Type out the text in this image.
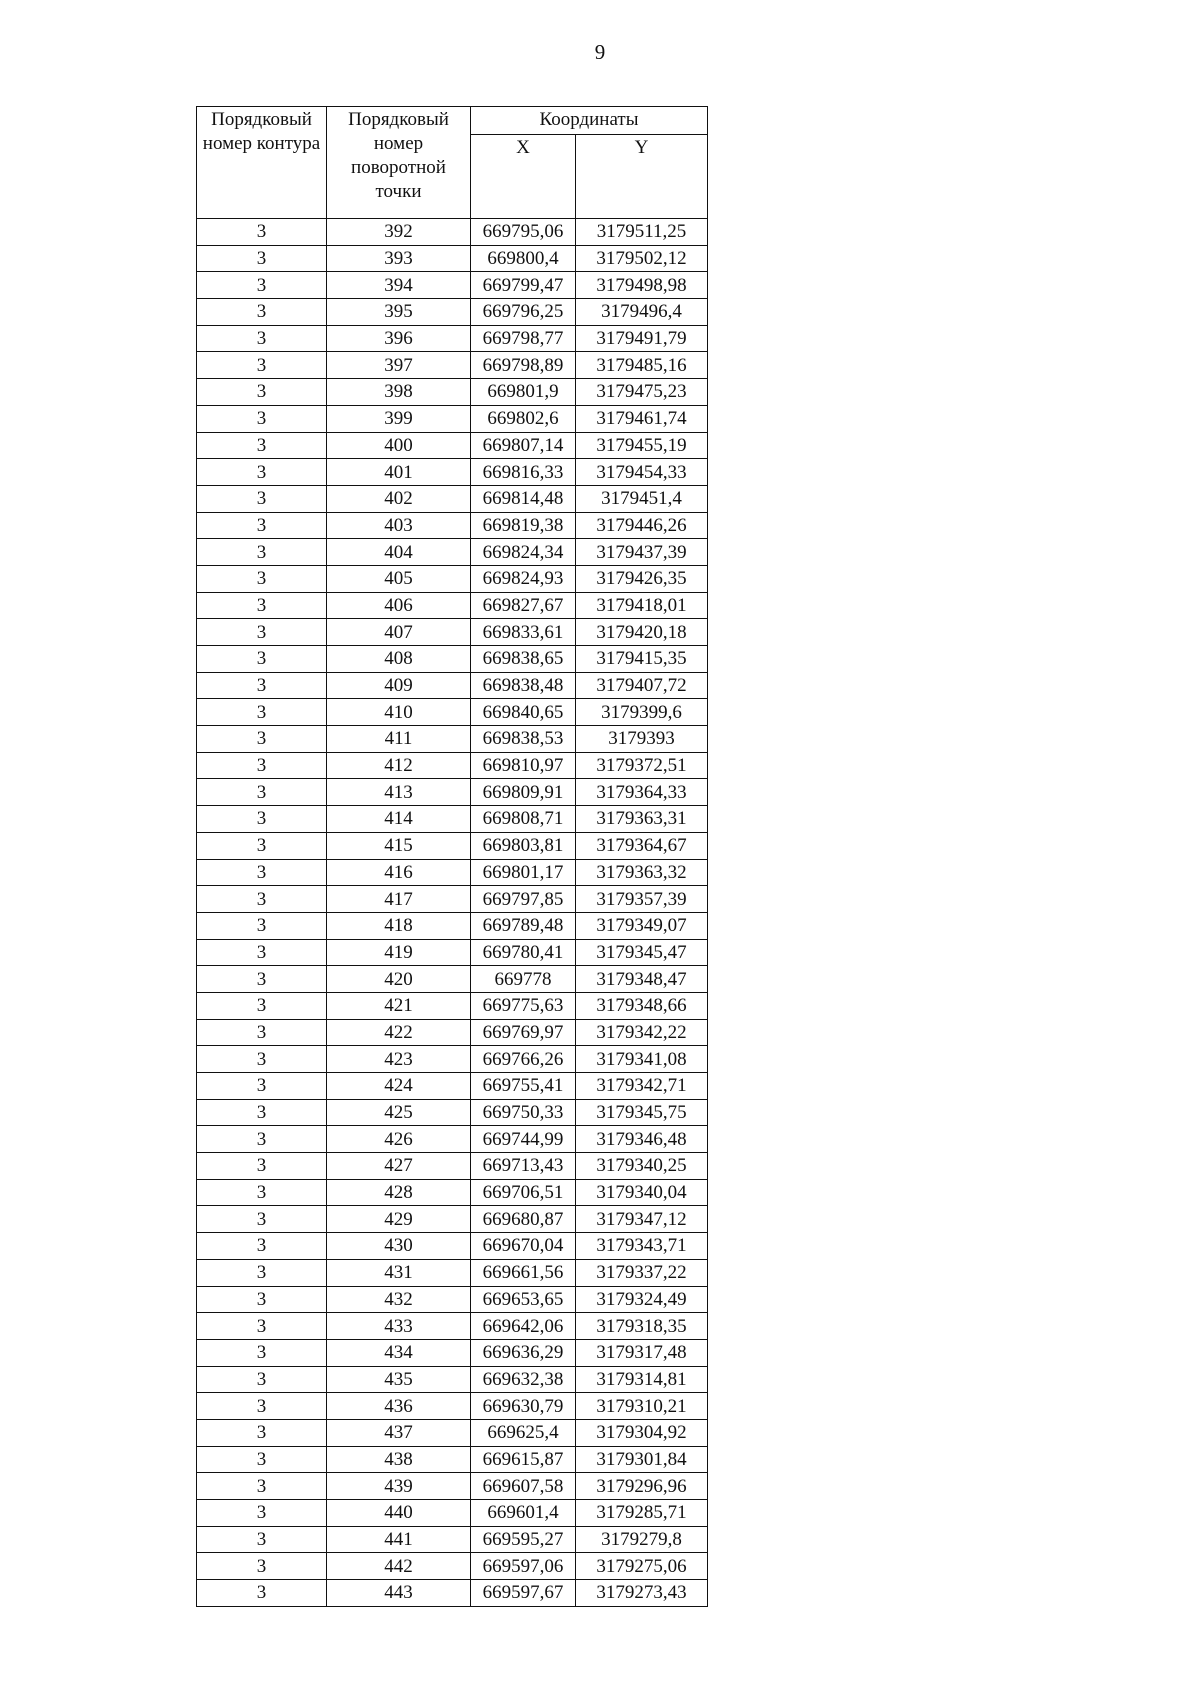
9
Порядковый номер контура	Порядковый номер поворотной точки	Координаты	
		X	Y
3	392	669795,06	3179511,25
3	393	669800,4	3179502,12
3	394	669799,47	3179498,98
3	395	669796,25	3179496,4
3	396	669798,77	3179491,79
3	397	669798,89	3179485,16
3	398	669801,9	3179475,23
3	399	669802,6	3179461,74
3	400	669807,14	3179455,19
3	401	669816,33	3179454,33
3	402	669814,48	3179451,4
3	403	669819,38	3179446,26
3	404	669824,34	3179437,39
3	405	669824,93	3179426,35
3	406	669827,67	3179418,01
3	407	669833,61	3179420,18
3	408	669838,65	3179415,35
3	409	669838,48	3179407,72
3	410	669840,65	3179399,6
3	411	669838,53	3179393
3	412	669810,97	3179372,51
3	413	669809,91	3179364,33
3	414	669808,71	3179363,31
3	415	669803,81	3179364,67
3	416	669801,17	3179363,32
3	417	669797,85	3179357,39
3	418	669789,48	3179349,07
3	419	669780,41	3179345,47
3	420	669778	3179348,47
3	421	669775,63	3179348,66
3	422	669769,97	3179342,22
3	423	669766,26	3179341,08
3	424	669755,41	3179342,71
3	425	669750,33	3179345,75
3	426	669744,99	3179346,48
3	427	669713,43	3179340,25
3	428	669706,51	3179340,04
3	429	669680,87	3179347,12
3	430	669670,04	3179343,71
3	431	669661,56	3179337,22
3	432	669653,65	3179324,49
3	433	669642,06	3179318,35
3	434	669636,29	3179317,48
3	435	669632,38	3179314,81
3	436	669630,79	3179310,21
3	437	669625,4	3179304,92
3	438	669615,87	3179301,84
3	439	669607,58	3179296,96
3	440	669601,4	3179285,71
3	441	669595,27	3179279,8
3	442	669597,06	3179275,06
3	443	669597,67	3179273,43
